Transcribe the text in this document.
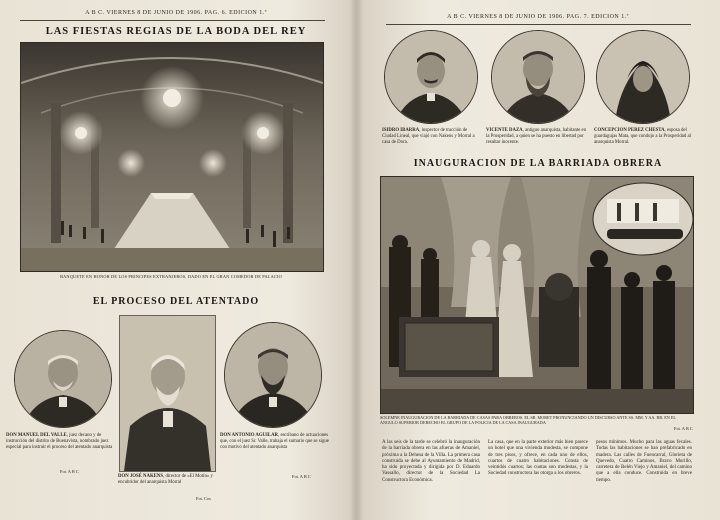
A B C. VIERNES 8 DE JUNIO DE 1906. PAG. 6. EDICION 1.ª
LAS FIESTAS REGIAS DE LA BODA DEL REY
BANQUETE EN HONOR DE LOS PRINCIPES EXTRANJEROS, DADO EN EL GRAN COMEDOR DE PALACIO
EL PROCESO DEL ATENTADO
DON MANUEL DEL VALLE, juez decano y de instrucción del distrito de Buenavista, nombrado juez especial para instruir el proceso del atentado anarquista
Fot. A B C
DON JOSÉ NAKENS, director de «El Motín» y encubridor del anarquista Morral
Fot. Cos
DON ANTONIO AGUILAR, escribano de actuaciones que, con el juez Sr. Valle, trabaja el sumario que se sigue con motivo del atentado anarquista
Fot. A B C
A B C. VIERNES 8 DE JUNIO DE 1906. PAG. 7. EDICION 1.ª
ISIDRO IBARRA, inspector de tracción de Ciudad Lineal, que viajó con Nakens y Morral a casa de Dora.
VICENTE DAZA, antiguo anarquista, habitante en la Prosperidad, a quien se ha puesto en libertad por resultar inocente.
CONCEPCION PEREZ CHESTA, esposa del guardagujas Mata, que condujo a la Prosperidad al anarquista Morral.
INAUGURACION DE LA BARRIADA OBRERA
SOLEMNE INAUGURACION DE LA BARRIADA DE CASAS PARA OBREROS. EL SR. MORET PRONUNCIANDO UN DISCURSO ANTE SS. MM. Y AA. RR. EN EL ANGULO SUPERIOR DERECHO EL GRUPO DE LA POLICIA DE LA CASA INAUGURADA
Fot. A B C
A las seis de la tarde se celebró la inauguración de la barriada obrera en las afueras de Amaniel, próxima a la Dehesa de la Villa. La primera casa construida se debe al Ayuntamiento de Madrid, ha sido proyectada y dirigida por D. Eduardo Vassallo, director de la Sociedad La Constructora Económica.
La casa, que en la parte exterior más bien parece un hotel que una vivienda modesta, se compone de tres pisos, y ofrece, en cada uno de ellos, cuartos de cuatro habitaciones. Consta de veintidós cuartos; las cuotas son modestas, y la Sociedad constructora las otorga a los obreros.
pesos mínimos. Mucho para las aguas fecales. Todas las habitaciones se han prefabricado en madera. Las calles de Fuencarral, Glorieta de Quevedo, Cuatro Caminos, Bravo Murillo, carretera de Belén Viejo y Amaniel, del camino que a ella conduce. Construida en breve tiempo.
